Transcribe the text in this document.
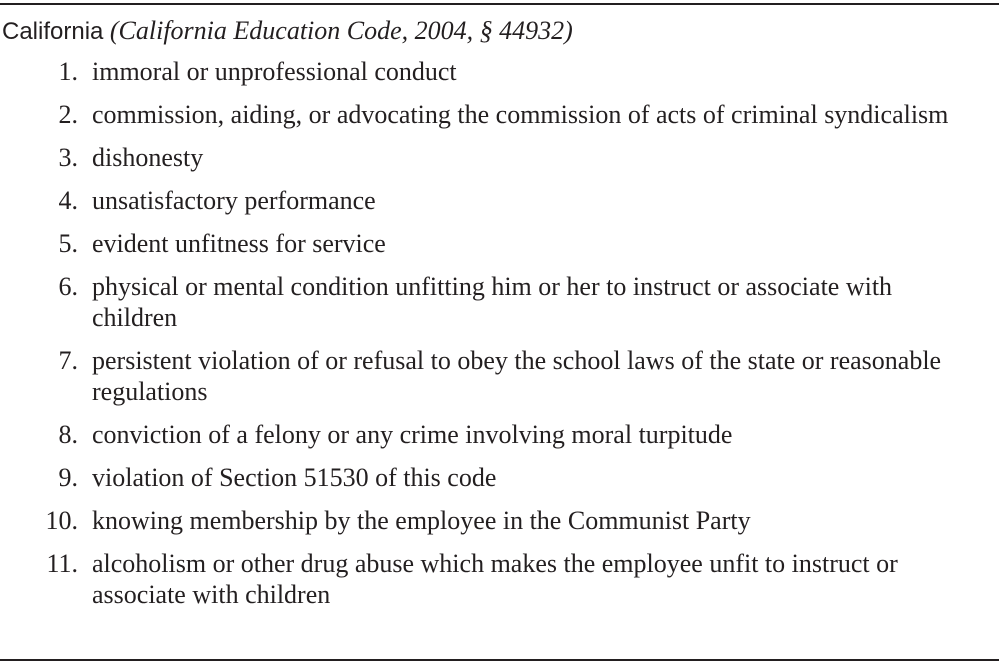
California (California Education Code, 2004, § 44932)
1. immoral or unprofessional conduct
2. commission, aiding, or advocating the commission of acts of criminal syndicalism
3. dishonesty
4. unsatisfactory performance
5. evident unfitness for service
6. physical or mental condition unfitting him or her to instruct or associate with children
7. persistent violation of or refusal to obey the school laws of the state or reasonable regulations
8. conviction of a felony or any crime involving moral turpitude
9. violation of Section 51530 of this code
10. knowing membership by the employee in the Communist Party
11. alcoholism or other drug abuse which makes the employee unfit to instruct or associate with children
